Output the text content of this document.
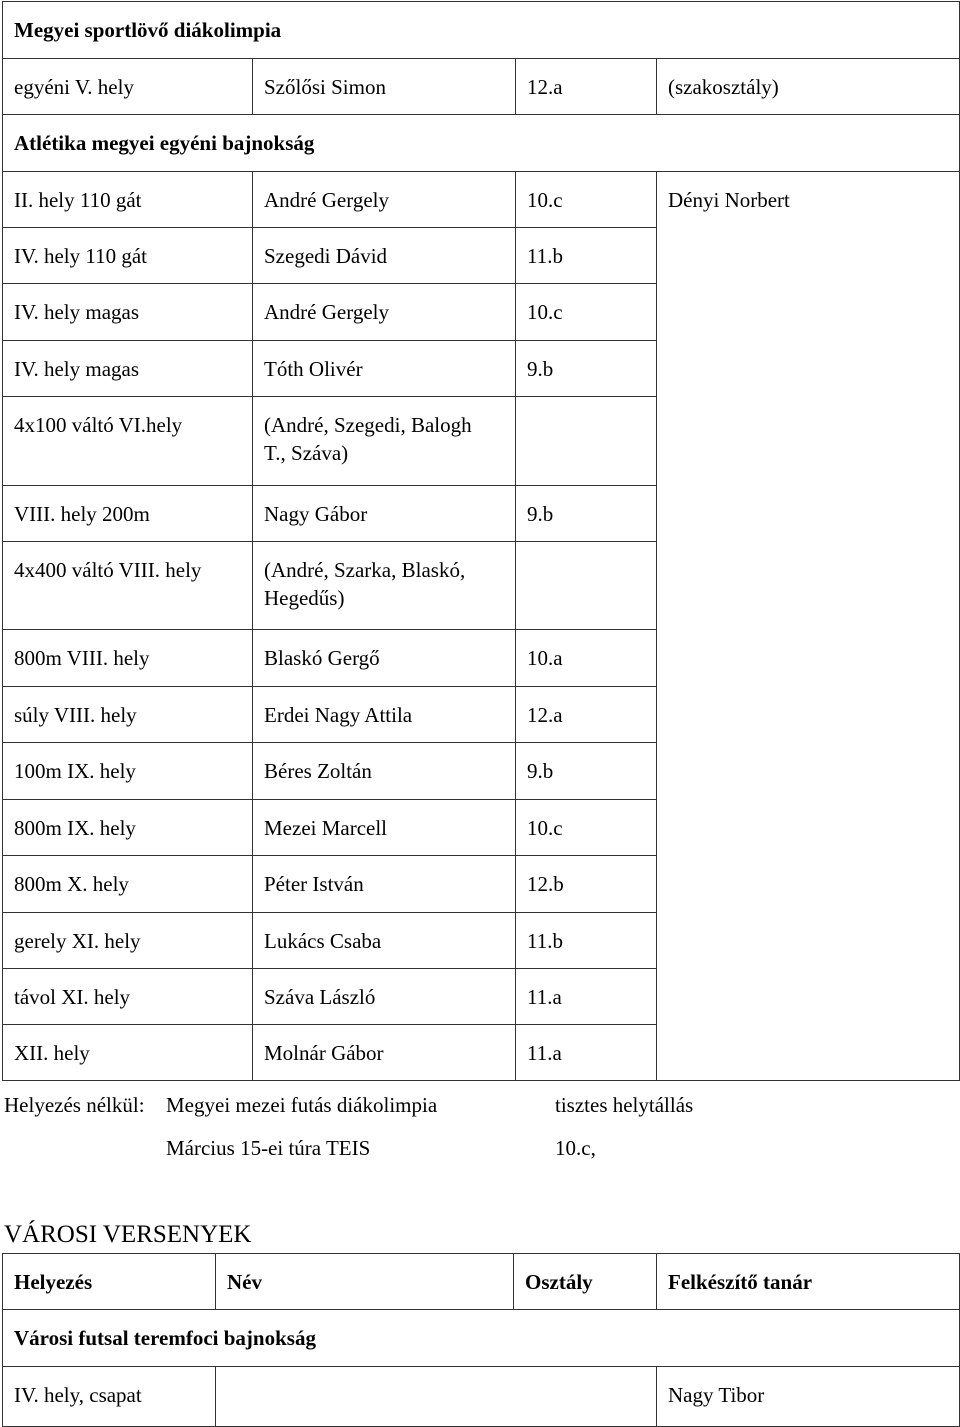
Megyei sportlövő diákolimpia			
egyéni V. hely	Szőlősi Simon	12.a	(szakosztály)
Atlétika megyei egyéni bajnokság			
II. hely 110 gát	André Gergely	10.c	Dényi Norbert
IV. hely 110 gát	Szegedi Dávid	11.b	
IV. hely magas	André Gergely	10.c	
IV. hely magas	Tóth Olivér	9.b	
4x100 váltó VI.hely	(André, Szegedi, Balogh
T., Száva)		

VIII. hely 200m	Nagy Gábor	9.b	
4x400 váltó VIII. hely	(André, Szarka, Blaskó,
Hegedűs)		

800m VIII. hely	Blaskó Gergő	10.a	
súly VIII. hely	Erdei Nagy Attila	12.a	
100m IX. hely	Béres Zoltán	9.b	
800m IX. hely	Mezei Marcell	10.c	
800m X. hely	Péter István	12.b	
gerely XI. hely	Lukács Csaba	11.b	
távol XI. hely	Száva László	11.a	
XII. hely	Molnár Gábor	11.a	
Helyezés nélkül: Megyei mezei futás diákolimpia	tisztes helytállás
Március 15-ei túra TEIS	10.c,
VÁROSI VERSENYEK
Helyezés	Név	Osztály	Felkészítő tanár
Városi futsal teremfoci bajnokság			
IV. hely, csapat			Nagy Tibor
